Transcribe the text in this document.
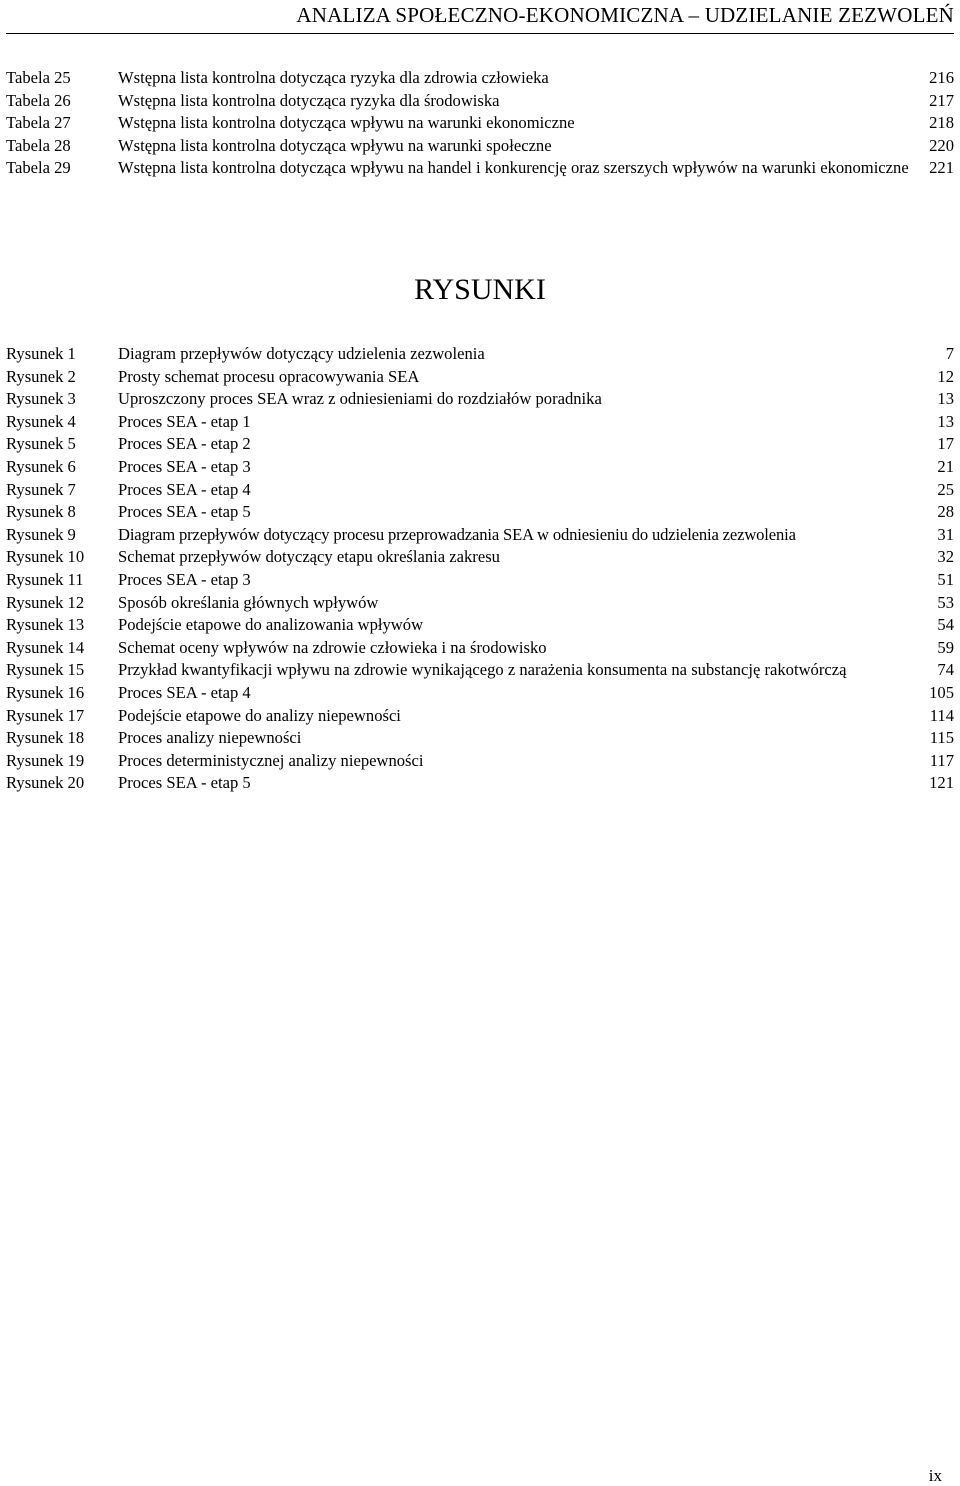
ANALIZA SPOŁECZNO-EKONOMICZNA – UDZIELANIE ZEZWOLEŃ
Tabela 25	Wstępna lista kontrolna dotycząca ryzyka dla zdrowia człowieka	216
Tabela 26	Wstępna lista kontrolna dotycząca ryzyka dla środowiska	217
Tabela 27	Wstępna lista kontrolna dotycząca wpływu na warunki ekonomiczne	218
Tabela 28	Wstępna lista kontrolna dotycząca wpływu na warunki społeczne	220
Tabela 29	Wstępna lista kontrolna dotycząca wpływu na handel i konkurencję oraz szerszych wpływów na warunki ekonomiczne	221
RYSUNKI
Rysunek 1	Diagram przepływów dotyczący udzielenia zezwolenia	7
Rysunek 2	Prosty schemat procesu opracowywania SEA	12
Rysunek 3	Uproszczony proces SEA wraz z odniesieniami do rozdziałów poradnika	13
Rysunek 4	Proces SEA - etap 1	13
Rysunek 5	Proces SEA - etap 2	17
Rysunek 6	Proces SEA - etap 3	21
Rysunek 7	Proces SEA - etap 4	25
Rysunek 8	Proces SEA - etap 5	28
Rysunek 9	Diagram przepływów dotyczący procesu przeprowadzania SEA w odniesieniu do udzielenia zezwolenia	31
Rysunek 10	Schemat przepływów dotyczący etapu określania zakresu	32
Rysunek 11	Proces SEA - etap 3	51
Rysunek 12	Sposób określania głównych wpływów	53
Rysunek 13	Podejście etapowe do analizowania wpływów	54
Rysunek 14	Schemat oceny wpływów na zdrowie człowieka i na środowisko	59
Rysunek 15	Przykład kwantyfikacji wpływu na zdrowie wynikającego z narażenia konsumenta na substancję rakotwórczą	74
Rysunek 16	Proces SEA - etap 4	105
Rysunek 17	Podejście etapowe do analizy niepewności	114
Rysunek 18	Proces analizy niepewności	115
Rysunek 19	Proces deterministycznej analizy niepewności	117
Rysunek 20	Proces SEA - etap 5	121
ix
